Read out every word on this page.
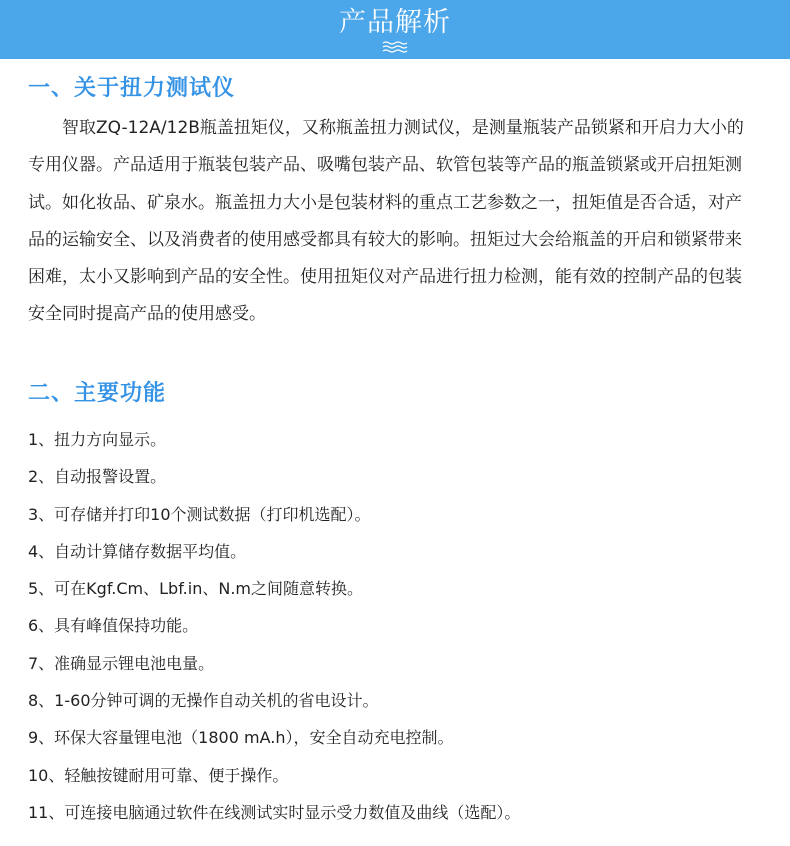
产品解析
一、关于扭力测试仪

智取ZQ-12A/12B瓶盖扭矩仪，又称瓶盖扭力测试仪，是测量瓶装产品锁紧和开启力大小的专用仪器。产品适用于瓶装包装产品、吸嘴包装产品、软管包装等产品的瓶盖锁紧或开启扭矩测试。如化妆品、矿泉水。瓶盖扭力大小是包装材料的重点工艺参数之一，扭矩值是否合适，对产品的运输安全、以及消费者的使用感受都具有较大的影响。扭矩过大会给瓶盖的开启和锁紧带来困难，太小又影响到产品的安全性。使用扭矩仪对产品进行扭力检测，能有效的控制产品的包装安全同时提高产品的使用感受。

二、主要功能
1、扭力方向显示。
2、自动报警设置。
3、可存储并打印10个测试数据（打印机选配）。
4、自动计算储存数据平均值。
5、可在Kgf.Cm、Lbf.in、N.m之间随意转换。
6、具有峰值保持功能。
7、准确显示锂电池电量。
8、1-60分钟可调的无操作自动关机的省电设计。
9、环保大容量锂电池（1800 mA.h），安全自动充电控制。
10、轻触按键耐用可靠、便于操作。
11、可连接电脑通过软件在线测试实时显示受力数值及曲线（选配）。
